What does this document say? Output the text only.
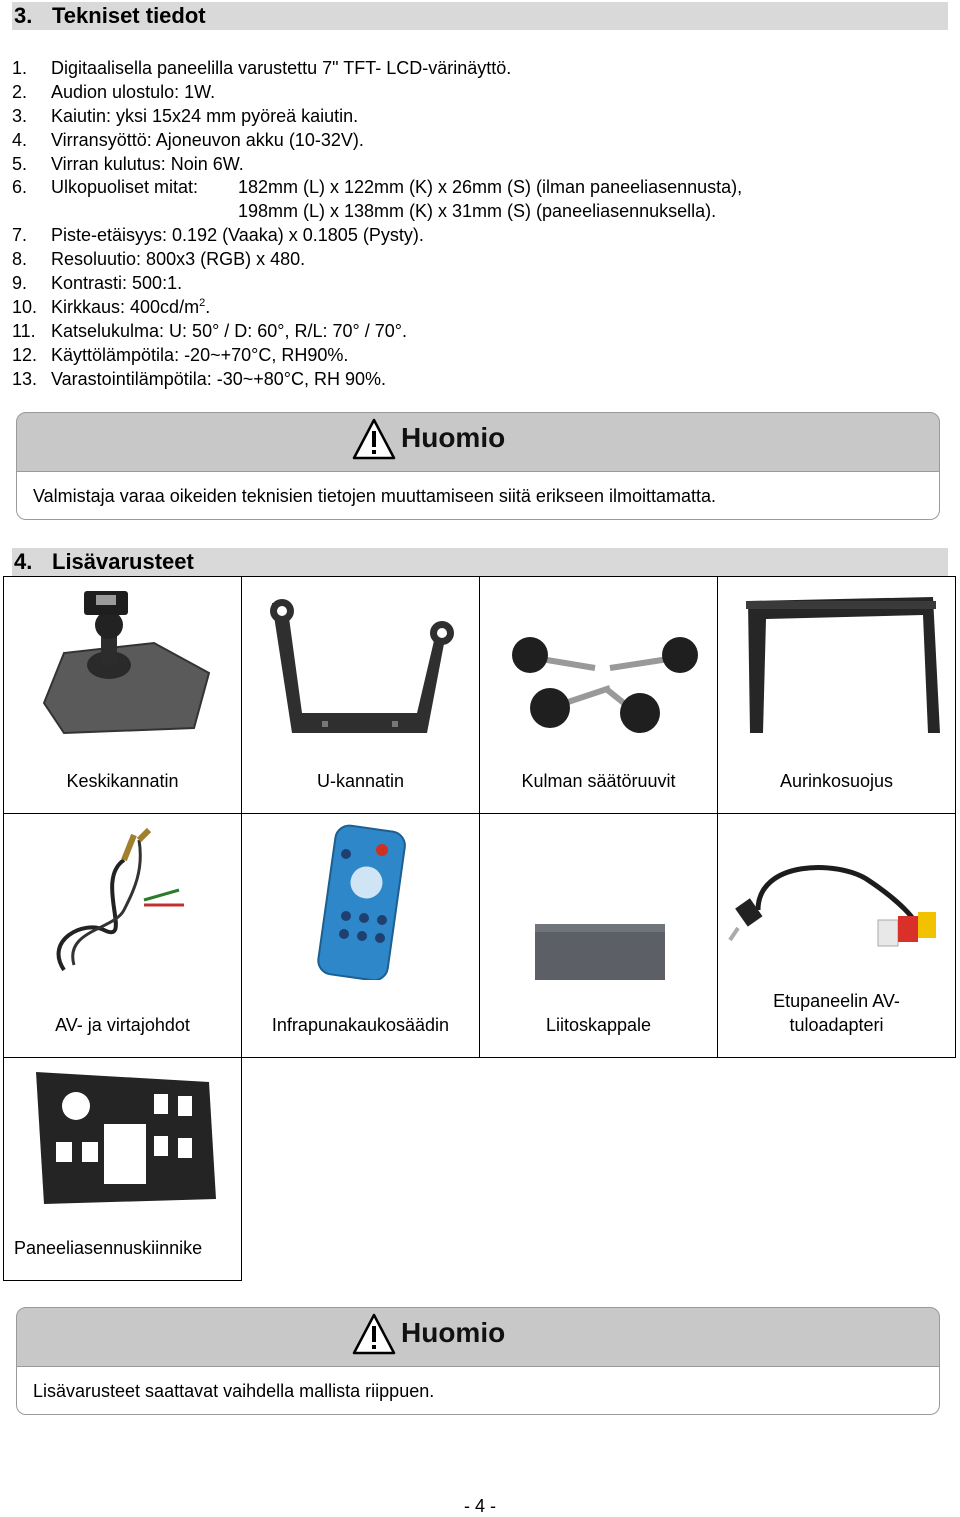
3. Tekniset tiedot
1. Digitaalisella paneelilla varustettu 7" TFT- LCD-värinäyttö.
2. Audion ulostulo: 1W.
3. Kaiutin: yksi 15x24 mm pyöreä kaiutin.
4. Virransyöttö: Ajoneuvon akku (10-32V).
5. Virran kulutus: Noin 6W.
6. Ulkopuoliset mitat: 182mm (L) x 122mm (K) x 26mm (S) (ilman paneeliasennusta),
198mm (L) x 138mm (K) x 31mm (S) (paneeliasennuksella).
7. Piste-etäisyys: 0.192 (Vaaka) x 0.1805 (Pysty).
8. Resoluutio: 800x3 (RGB) x 480.
9. Kontrasti: 500:1.
10. Kirkkaus: $400cd/m^2$.
11. Katselukulma: U: 50° / D: 60°, R/L: 70° / 70°.
12. Käyttölämpötila: -20~+70°C, RH90%.
13. Varastointilämpötila: -30~+80°C, RH 90%.
Huomio
Valmistaja varaa oikeiden teknisien tietojen muuttamiseen siitä erikseen ilmoittamatta.
4. Lisävarusteet
Keskikannatin	U-kannatin	Kulman säätöruuvit	Aurinkosuojus

AV- ja virtajohdot	Infrapunakaukosäädin	Liitoskappale	Etupaneelin AV-
tuloadapteri

Paneeliasennuskiinnike			
Huomio
Lisävarusteet saattavat vaihdella mallista riippuen.
- 4 -
